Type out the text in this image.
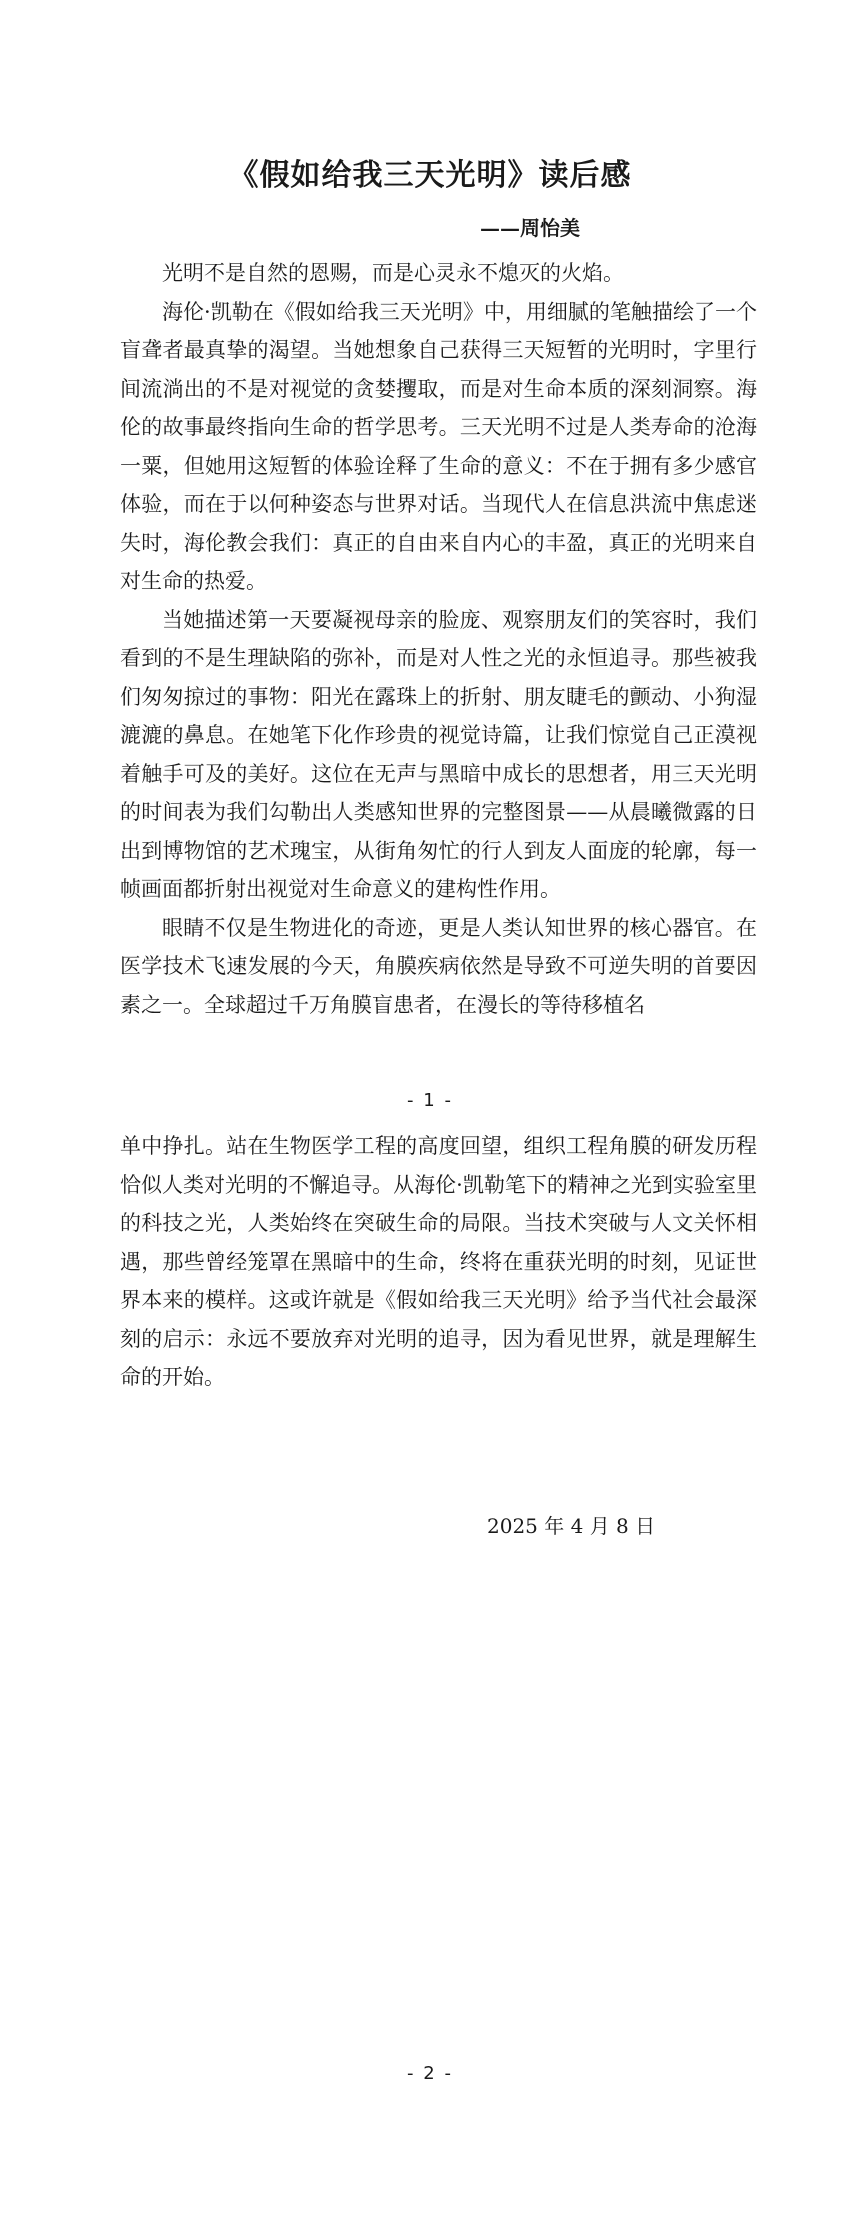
《假如给我三天光明》读后感
——周怡美

光明不是自然的恩赐，而是心灵永不熄灭的火焰。

海伦·凯勒在《假如给我三天光明》中，用细腻的笔触描绘了一个盲聋者最真挚的渴望。当她想象自己获得三天短暂的光明时，字里行间流淌出的不是对视觉的贪婪攫取，而是对生命本质的深刻洞察。海伦的故事最终指向生命的哲学思考。三天光明不过是人类寿命的沧海一粟，但她用这短暂的体验诠释了生命的意义：不在于拥有多少感官体验，而在于以何种姿态与世界对话。当现代人在信息洪流中焦虑迷失时，海伦教会我们：真正的自由来自内心的丰盈，真正的光明来自对生命的热爱。

当她描述第一天要凝视母亲的脸庞、观察朋友们的笑容时，我们看到的不是生理缺陷的弥补，而是对人性之光的永恒追寻。那些被我们匆匆掠过的事物：阳光在露珠上的折射、朋友睫毛的颤动、小狗湿漉漉的鼻息。在她笔下化作珍贵的视觉诗篇，让我们惊觉自己正漠视着触手可及的美好。这位在无声与黑暗中成长的思想者，用三天光明的时间表为我们勾勒出人类感知世界的完整图景——从晨曦微露的日出到博物馆的艺术瑰宝，从街角匆忙的行人到友人面庞的轮廓，每一帧画面都折射出视觉对生命意义的建构性作用。

眼睛不仅是生物进化的奇迹，更是人类认知世界的核心器官。在医学技术飞速发展的今天，角膜疾病依然是导致不可逆失明的首要因素之一。全球超过千万角膜盲患者，在漫长的等待移植名

- 1 -

单中挣扎。站在生物医学工程的高度回望，组织工程角膜的研发历程恰似人类对光明的不懈追寻。从海伦·凯勒笔下的精神之光到实验室里的科技之光，人类始终在突破生命的局限。当技术突破与人文关怀相遇，那些曾经笼罩在黑暗中的生命，终将在重获光明的时刻，见证世界本来的模样。这或许就是《假如给我三天光明》给予当代社会最深刻的启示：永远不要放弃对光明的追寻，因为看见世界，就是理解生命的开始。

2025 年 4 月 8 日
- 2 -
